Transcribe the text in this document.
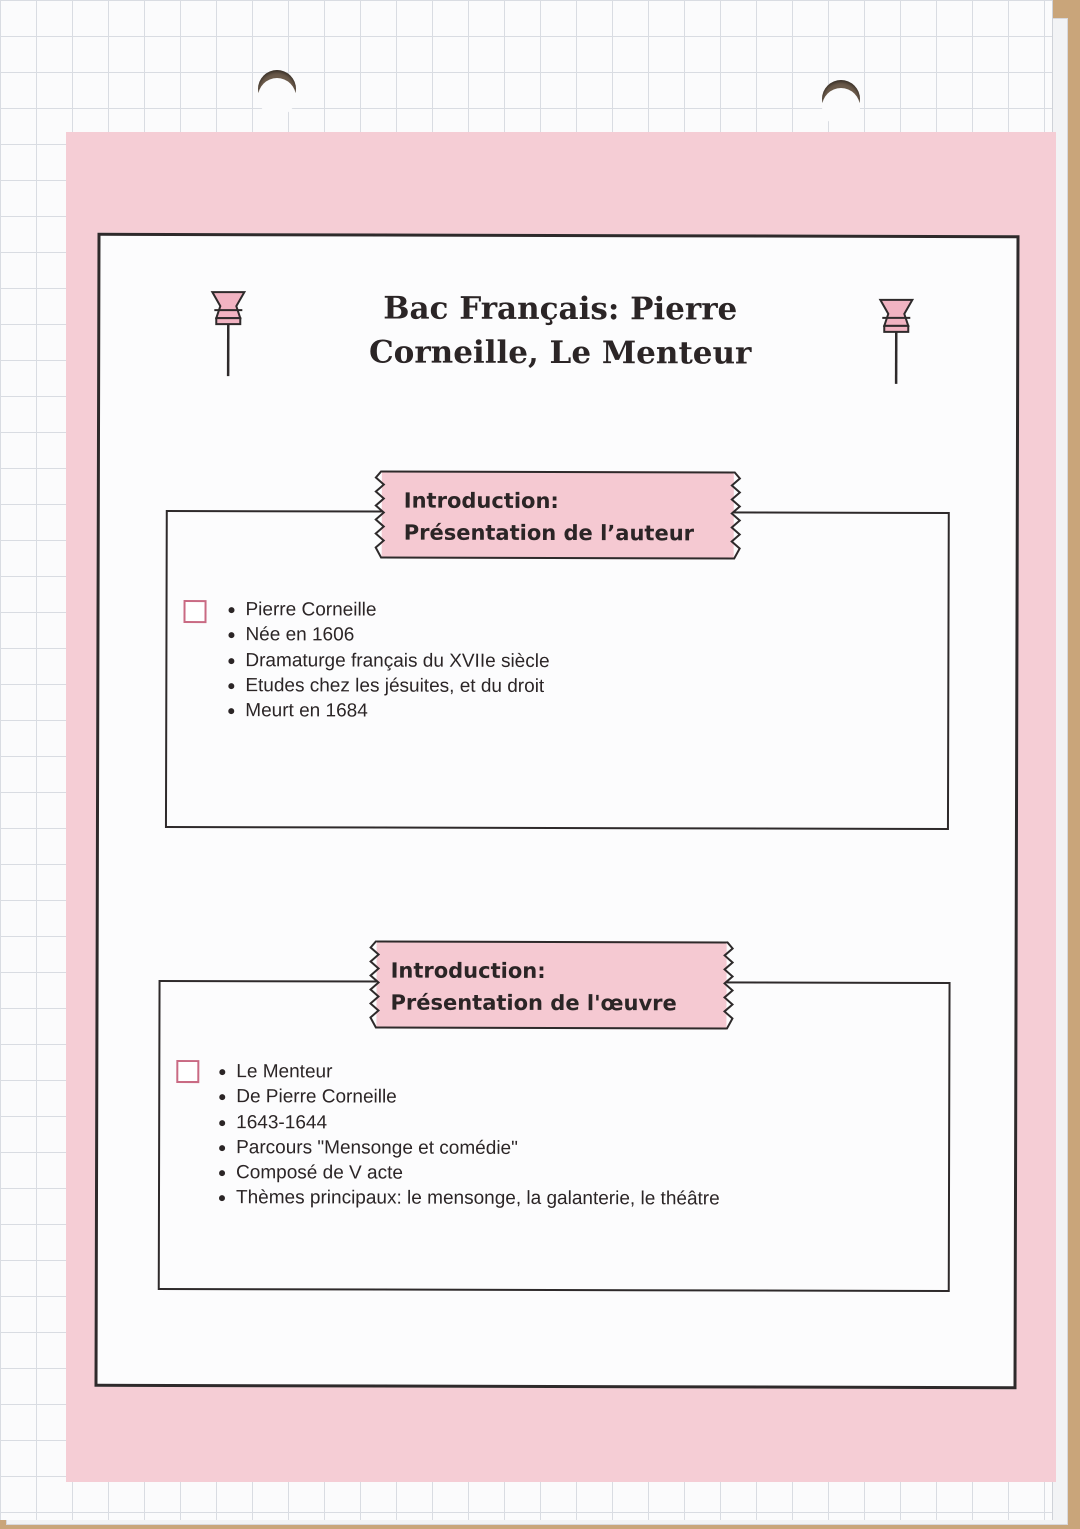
Bac Français: Pierre Corneille, Le Menteur
Pierre Corneille
Née en 1606
Dramaturge français du XVIIe siècle
Etudes chez les jésuites, et du droit
Meurt en 1684
Introduction:
Présentation de l’auteur
Le Menteur
De Pierre Corneille
1643-1644
Parcours "Mensonge et comédie"
Composé de V acte
Thèmes principaux: le mensonge, la galanterie, le théâtre
Introduction:
Présentation de l'œuvre
